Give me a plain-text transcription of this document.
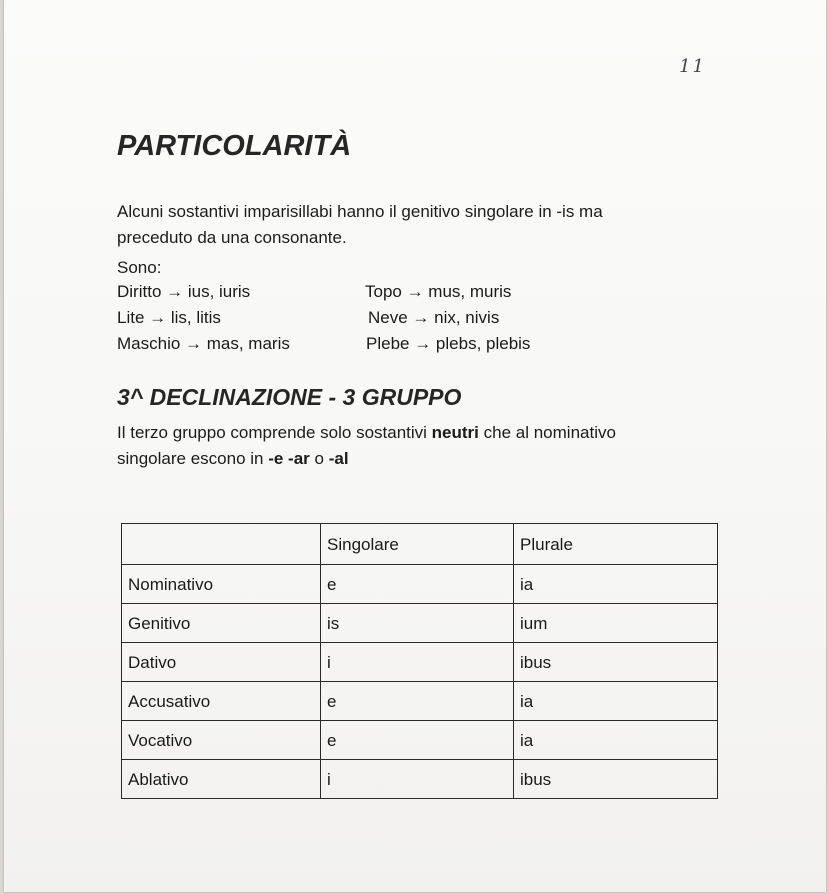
11
PARTICOLARITÀ

Alcuni sostantivi imparisillabi hanno il genitivo singolare in -is ma
preceduto da una consonante.

Sono:

Diritto → ius, iuris	Topo → mus, muris
Lite → lis, litis	Neve → nix, nivis
Maschio → mas, maris	Plebe → plebs, plebis
3^ DECLINAZIONE - 3 GRUPPO

Il terzo gruppo comprende solo sostantivi neutri che al nominativo
singolare escono in -e -ar o -al

	Singolare	Plurale
Nominativo	e	ia
Genitivo	is	ium
Dativo	i	ibus
Accusativo	e	ia
Vocativo	e	ia
Ablativo	i	ibus
